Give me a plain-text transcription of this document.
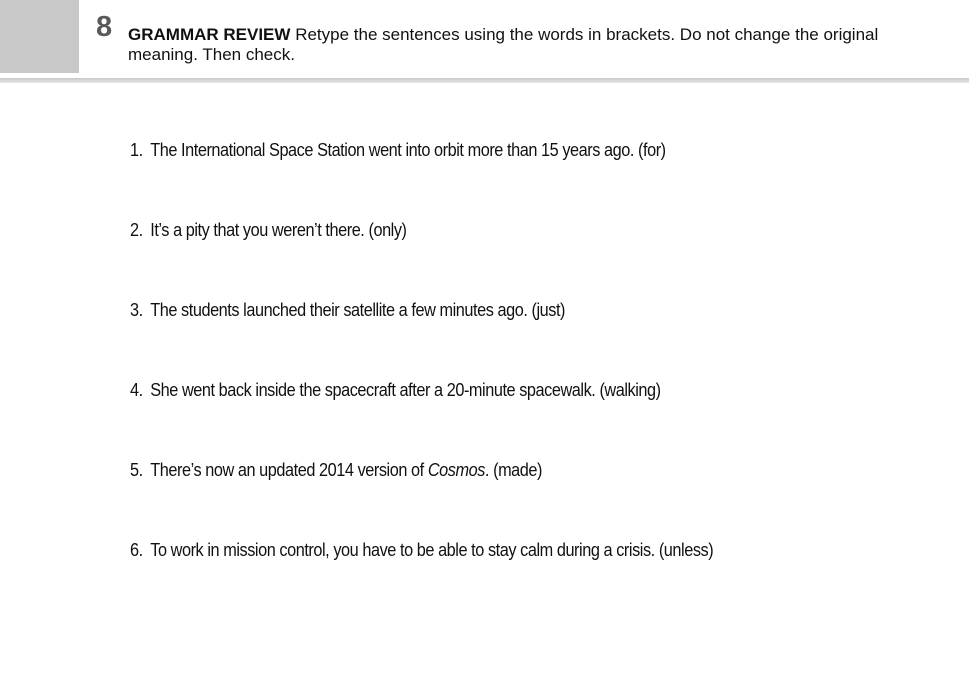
8 GRAMMAR REVIEW Retype the sentences using the words in brackets. Do not change the original meaning. Then check.
1. The International Space Station went into orbit more than 15 years ago. (for)
2. It’s a pity that you weren’t there. (only)
3. The students launched their satellite a few minutes ago. (just)
4. She went back inside the spacecraft after a 20-minute spacewalk. (walking)
5. There’s now an updated 2014 version of Cosmos. (made)
6. To work in mission control, you have to be able to stay calm during a crisis. (unless)
